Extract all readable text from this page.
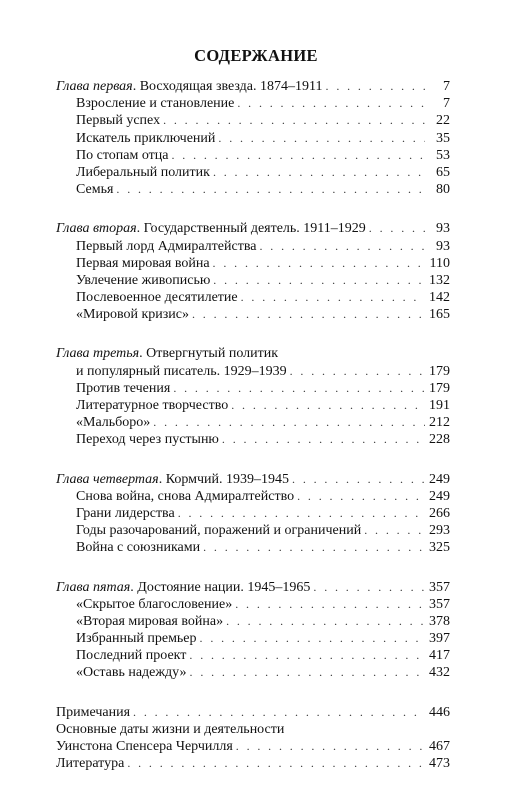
СОДЕРЖАНИЕ
Глава первая. Восходящая звезда. 1874–1911 . . .	7
Взросление и становление . . .	7
Первый успех . . .	22
Искатель приключений . . .	35
По стопам отца . . .	53
Либеральный политик . . .	65
Семья . . .	80
Глава вторая. Государственный деятель. 1911–1929 . . .	93
Первый лорд Адмиралтейства . . .	93
Первая мировая война . . .	110
Увлечение живописью . . .	132
Послевоенное десятилетие . . .	142
«Мировой кризис» . . .	165
Глава третья. Отвергнутый политик
и популярный писатель. 1929–1939 . . .	179
Против течения . . .	179
Литературное творчество . . .	191
«Мальборо» . . .	212
Переход через пустыню . . .	228
Глава четвертая. Кормчий. 1939–1945 . . .	249
Снова война, снова Адмиралтейство . . .	249
Грани лидерства . . .	266
Годы разочарований, поражений и ограничений . . .	293
Война с союзниками . . .	325
Глава пятая. Достояние нации. 1945–1965 . . .	357
«Скрытое благословение» . . .	357
«Вторая мировая война» . . .	378
Избранный премьер . . .	397
Последний проект . . .	417
«Оставь надежду» . . .	432
Примечания . . .	446
Основные даты жизни и деятельности
Уинстона Спенсера Черчилля . . .	467
Литература . . .	473
